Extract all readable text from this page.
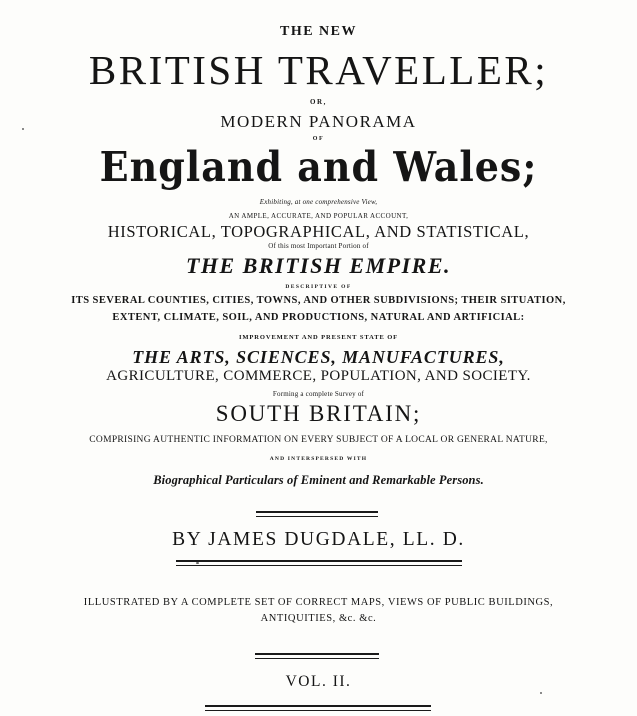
THE NEW
BRITISH TRAVELLER;
OR,
MODERN PANORAMA
OF
England and Wales;
Exhibiting, at one comprehensive View,
AN AMPLE, ACCURATE, AND POPULAR ACCOUNT,
HISTORICAL, TOPOGRAPHICAL, AND STATISTICAL,
Of this most Important Portion of
THE BRITISH EMPIRE.
DESCRIPTIVE OF
ITS SEVERAL COUNTIES, CITIES, TOWNS, AND OTHER SUBDIVISIONS; THEIR SITUATION,
EXTENT, CLIMATE, SOIL, AND PRODUCTIONS, NATURAL AND ARTIFICIAL:
IMPROVEMENT AND PRESENT STATE OF
THE ARTS, SCIENCES, MANUFACTURES,
AGRICULTURE, COMMERCE, POPULATION, AND SOCIETY.
Forming a complete Survey of
SOUTH BRITAIN;
COMPRISING AUTHENTIC INFORMATION ON EVERY SUBJECT OF A LOCAL OR GENERAL NATURE,
AND INTERSPERSED WITH
Biographical Particulars of Eminent and Remarkable Persons.
BY JAMES DUGDALE, LL. D.
ILLUSTRATED BY A COMPLETE SET OF CORRECT MAPS, VIEWS OF PUBLIC BUILDINGS,
ANTIQUITIES, &c. &c.
VOL. II.
